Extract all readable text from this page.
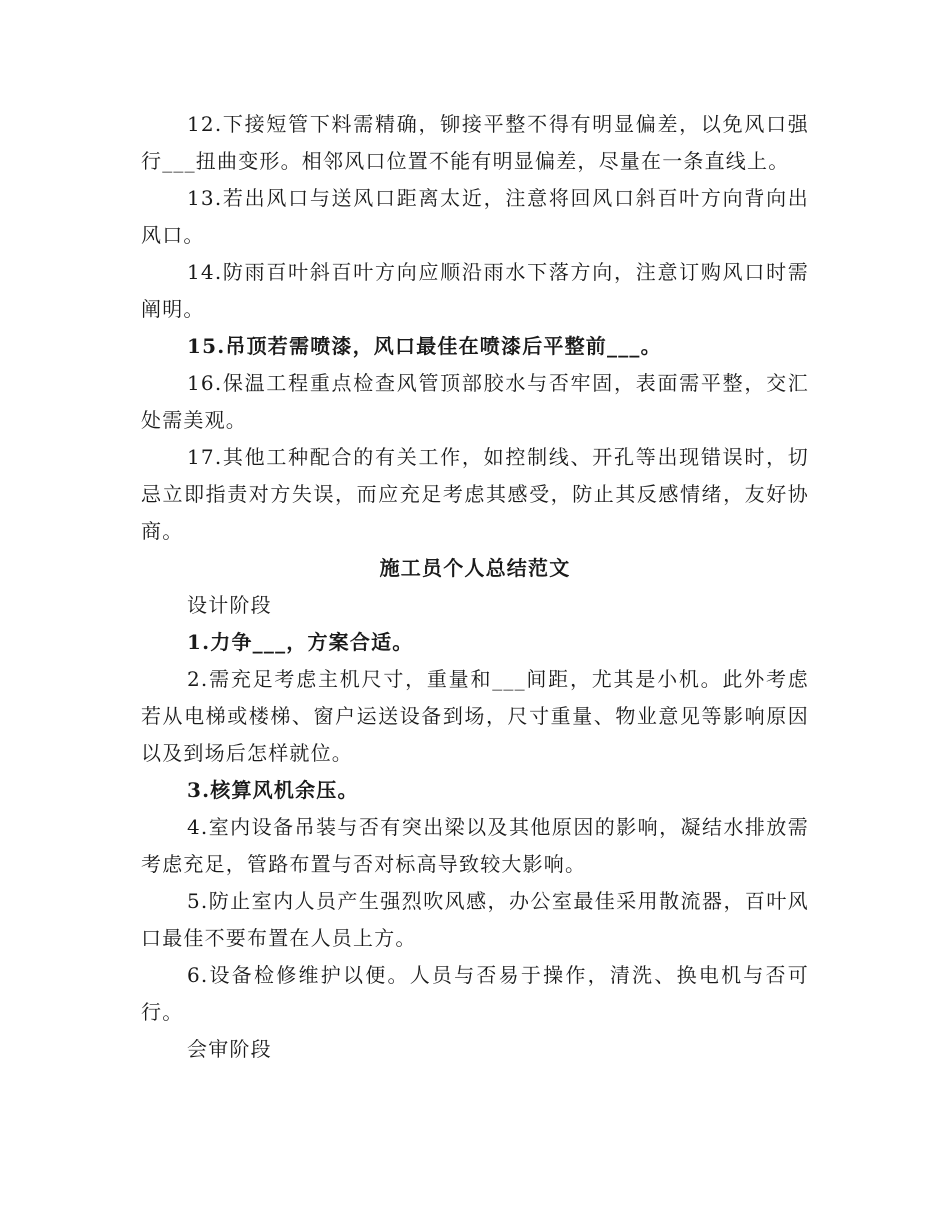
12.下接短管下料需精确，铆接平整不得有明显偏差，以免风口强行___扭曲变形。相邻风口位置不能有明显偏差，尽量在一条直线上。

13.若出风口与送风口距离太近，注意将回风口斜百叶方向背向出风口。

14.防雨百叶斜百叶方向应顺沿雨水下落方向，注意订购风口时需阐明。

15.吊顶若需喷漆，风口最佳在喷漆后平整前___。

16.保温工程重点检查风管顶部胶水与否牢固，表面需平整，交汇处需美观。

17.其他工种配合的有关工作，如控制线、开孔等出现错误时，切忌立即指责对方失误，而应充足考虑其感受，防止其反感情绪，友好协商。

施工员个人总结范文

设计阶段

1.力争___，方案合适。

2.需充足考虑主机尺寸，重量和___间距，尤其是小机。此外考虑若从电梯或楼梯、窗户运送设备到场，尺寸重量、物业意见等影响原因以及到场后怎样就位。

3.核算风机余压。

4.室内设备吊装与否有突出梁以及其他原因的影响，凝结水排放需考虑充足，管路布置与否对标高导致较大影响。

5.防止室内人员产生强烈吹风感，办公室最佳采用散流器，百叶风口最佳不要布置在人员上方。

6.设备检修维护以便。人员与否易于操作，清洗、换电机与否可行。

会审阶段
